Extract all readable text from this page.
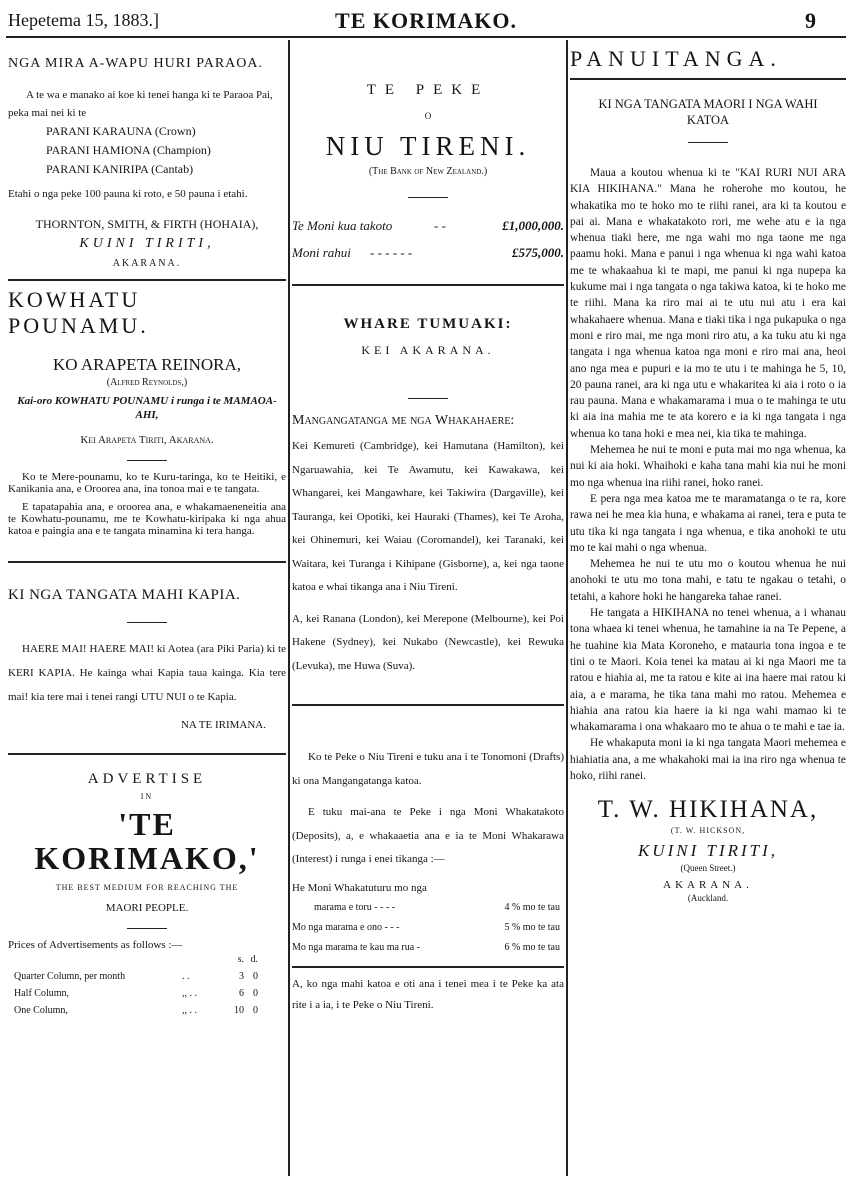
Hepetema 15, 1883.]	TE KORIMAKO.	9

NGA MIRA A-WAPU HURI PARAOA.

A te wa e manako ai koe ki tenei hanga ki te Paraoa Pai, peka mai nei ki te

PARANI KARAUNA (Crown)

PARANI HAMIONA (Champion)

PARANI KANIRIPA (Cantab)

Etahi o nga peke 100 pauna ki roto, e 50 pauna i etahi.

THORNTON, SMITH, & FIRTH (HOHAIA),

KUINI TIRITI,

AKARANA.

KOWHATU POUNAMU.

KO ARAPETA REINORA,

(Alfred Reynolds,)

Kai-oro KOWHATU POUNAMU i runga i te MAMAOA-AHI,

Kei Arapeta Tiriti, Akarana.

Ko te Mere-pounamu, ko te Kuru-taringa, ko te Heitiki, e Kanikania ana, e Oroorea ana, ina tonoa mai e te tangata.

E tapatapahia ana, e oroorea ana, e whakamaeneneitia ana te Kowhatu-pounamu, me te Kowhatu-kiripaka ki nga ahua katoa e paingia ana e te tangata minamina ki tera hanga.

KI NGA TANGATA MAHI KAPIA.

HAERE MAI! HAERE MAI! ki Aotea (ara Piki Paria) ki te KERI KAPIA. He kainga whai Kapia taua kainga. Kia tere mai! kia tere mai i tenei rangi UTU NUI o te Kapia.

NA TE IRIMANA.

ADVERTISE

IN

'TE KORIMAKO,'

THE BEST MEDIUM FOR REACHING THE

MAORI PEOPLE.

Prices of Advertisements as follows :—

s. d.
Quarter Column, per month	. .	3 0
Half Column,	,, . .	6 0
One Column,	,, . .	10 0

TE PEKE

O

NIU TIRENI.

(The Bank of New Zealand.)

Te Moni kua takoto	- -	£1,000,000.
Moni rahui	- - - - - -	£575,000.

WHARE TUMUAKI:

KEI AKARANA.

Mangangatanga me nga Whakahaere:

Kei Kemureti (Cambridge), kei Hamutana (Hamilton), kei Ngaruawahia, kei Te Awamutu, kei Kawakawa, kei Whangarei, kei Mangawhare, kei Takiwira (Dargaville), kei Tauranga, kei Opotiki, kei Hauraki (Thames), kei Te Aroha, kei Ohinemuri, kei Waiau (Coromandel), kei Taranaki, kei Waitara, kei Turanga i Kihipane (Gisborne), a, kei nga taone katoa e whai tikanga ana i Niu Tireni.

A, kei Ranana (London), kei Merepone (Melbourne), kei Poi Hakene (Sydney), kei Nukabo (Newcastle), kei Rewuka (Levuka), me Huwa (Suva).

Ko te Peke o Niu Tireni e tuku ana i te Tonomoni (Drafts) ki ona Mangangatanga katoa.

E tuku mai-ana te Peke i nga Moni Whakatakoto (Deposits), a, e whakaaetia ana e ia te Moni Whakarawa (Interest) i runga i enei tikanga :—

He Moni Whakatuturu mo nga

marama e toru - - - -	4 % mo te tau
Mo nga marama e ono - - -	5 % mo te tau
Mo nga marama te kau ma rua -	6 % mo te tau

A, ko nga mahi katoa e oti ana i tenei mea i te Peke ka ata rite i a ia, i te Peke o Niu Tireni.

PANUITANGA.

KI NGA TANGATA MAORI I NGA WAHI KATOA

Maua a koutou whenua ki te "KAI RURI NUI ARA KIA HIKIHANA." Mana he roherohe mo koutou, he whakatika mo te hoko mo te riihi ranei, ara ki ta koutou e pai ai. Mana e whakatakoto rori, me wehe atu e ia nga whenua tiaki here, me nga wahi mo nga taone me nga paamu hoki. Mana e panui i nga whenua ki nga wahi katoa me te whakaahua ki te mapi, me panui ki nga nupepa ka kukume mai i nga tangata o nga takiwa katoa, ki te hoko me te riihi. Mana ka riro mai ai te utu nui atu i era kai whakahaere whenua. Mana e tiaki tika i nga pukapuka o nga moni e riro mai, me nga moni riro atu, a ka tuku atu ki nga tangata i nga whenua katoa nga moni e riro mai ana, heoi ano nga mea e pupuri e ia mo te utu i te mahinga he 5, 10, 20 pauna ranei, ara ki nga utu e whakaritea ki aia i roto o ia rau pauna. Mana e whakamarama i mua o te mahinga te utu ki aia ina mahia me te ata korero e ia ki nga tangata i nga whenua ko tana hoki e mea nei, kia tika te mahinga.

Mehemea he nui te moni e puta mai mo nga whenua, ka nui ki aia hoki. Whaihoki e kaha tana mahi kia nui he moni mo nga whenua ina riihi ranei, hoko ranei.

E pera nga mea katoa me te maramatanga o te ra, kore rawa nei he mea kia huna, e whakama ai ranei, tera e puta te utu tika ki nga tangata i nga whenua, e tika anohoki te utu mo te kai mahi o nga whenua.

Mehemea he nui te utu mo o koutou whenua he nui anohoki te utu mo tona mahi, e tatu te ngakau o tetahi, o tetahi, a kahore hoki he hangareka tahae ranei.

He tangata a HIKIHANA no tenei whenua, a i whanau tona whaea ki tenei whenua, he tamahine ia na Te Pepene, a he tuahine kia Mata Koroneho, e matauria tona ingoa e te tini o te Maori. Koia tenei ka matau ai ki nga Maori me ta ratou e hiahia ai, me ta ratou e kite ai ina haere mai ratou ki aia, a e marama, he tika tana mahi mo ratou. Mehemea e hiahia ana ratou kia haere ia ki nga wahi mamao ki te whakamarama i ona whakaaro mo te ahua o te mahi e tae ia.

He whakaputa moni ia ki nga tangata Maori mehemea e hiahiatia ana, a me whakahoki mai ia ina riro nga whenua te hoko, riihi ranei.

T. W. HIKIHANA,

(T. W. HICKSON,

KUINI TIRITI,

(Queen Street.)

AKARANA.

(Auckland.
